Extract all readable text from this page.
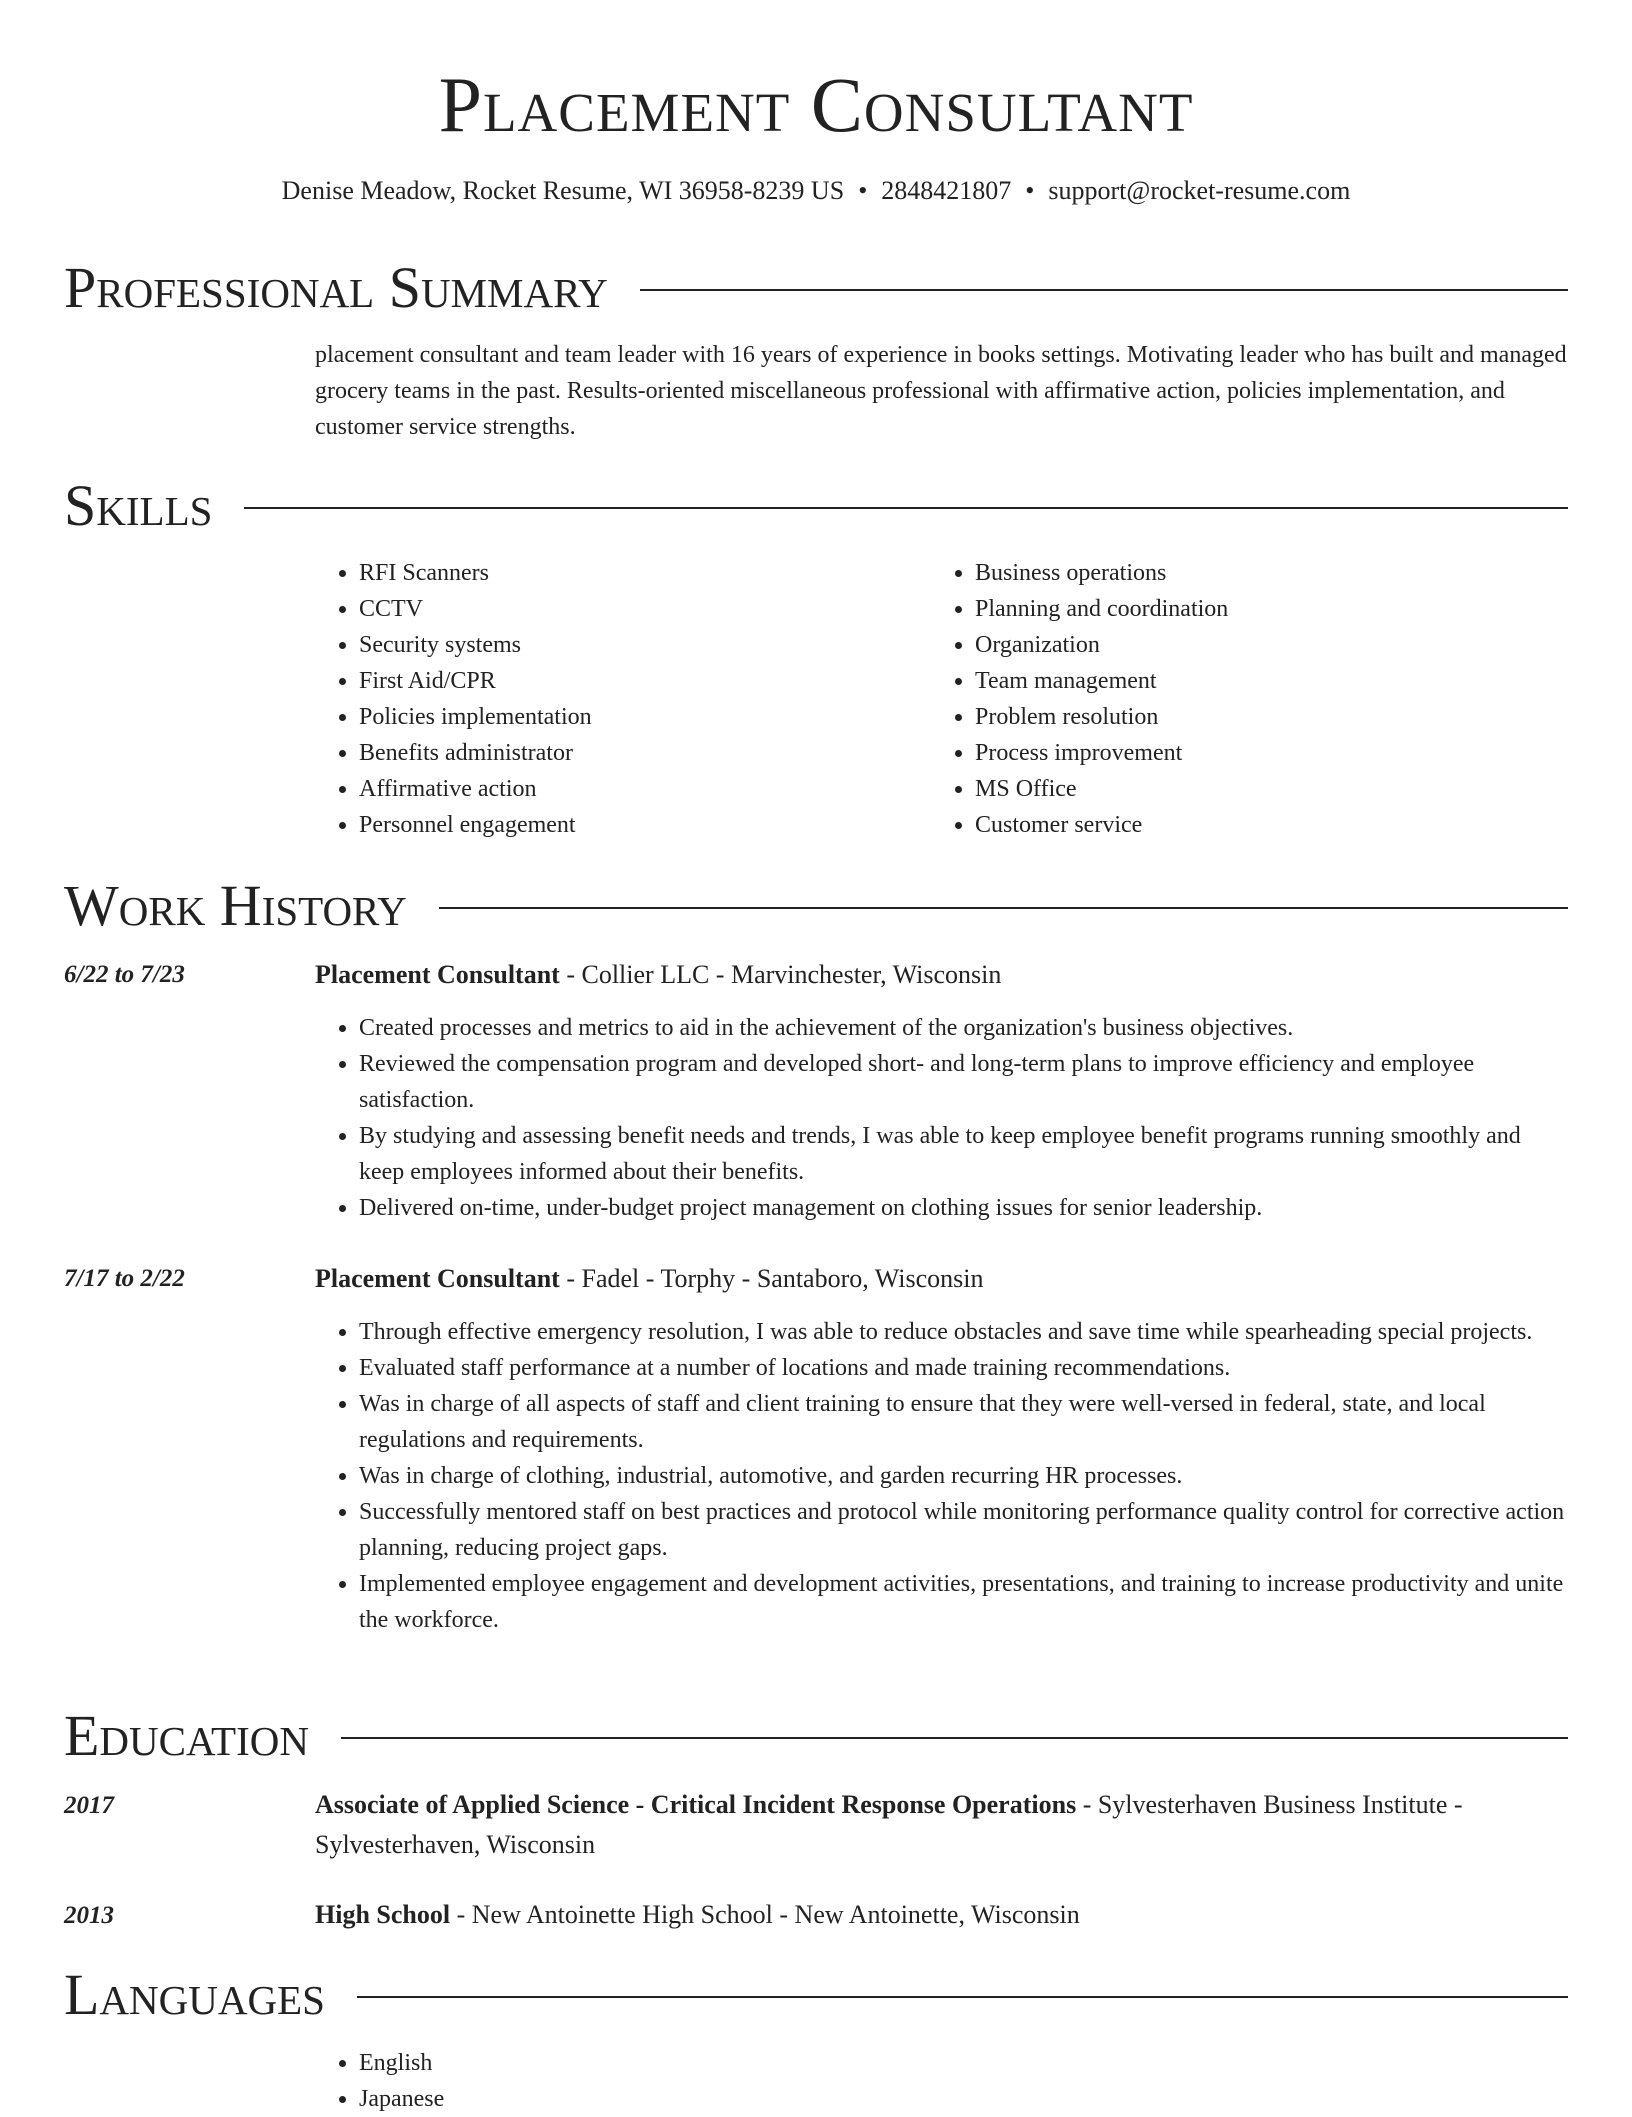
Placement Consultant
Denise Meadow, Rocket Resume, WI 36958-8239 US • 2848421807 • support@rocket-resume.com
Professional Summary

placement consultant and team leader with 16 years of experience in books settings. Motivating leader who has built and managed grocery teams in the past. Results-oriented miscellaneous professional with affirmative action, policies implementation, and customer service strengths.

Skills
• RFI Scanners
• CCTV
• Security systems
• First Aid/CPR
• Policies implementation
• Benefits administrator
• Affirmative action
• Personnel engagement
• Business operations
• Planning and coordination
• Organization
• Team management
• Problem resolution
• Process improvement
• MS Office
• Customer service
Work History
6/22 to 7/23	Placement Consultant - Collier LLC - Marvinchester, Wisconsin
• Created processes and metrics to aid in the achievement of the organization's business objectives.
• Reviewed the compensation program and developed short- and long-term plans to improve efficiency and employee satisfaction.
• By studying and assessing benefit needs and trends, I was able to keep employee benefit programs running smoothly and keep employees informed about their benefits.
• Delivered on-time, under-budget project management on clothing issues for senior leadership.
7/17 to 2/22	Placement Consultant - Fadel - Torphy - Santaboro, Wisconsin
• Through effective emergency resolution, I was able to reduce obstacles and save time while spearheading special projects.
• Evaluated staff performance at a number of locations and made training recommendations.
• Was in charge of all aspects of staff and client training to ensure that they were well-versed in federal, state, and local regulations and requirements.
• Was in charge of clothing, industrial, automotive, and garden recurring HR processes.
• Successfully mentored staff on best practices and protocol while monitoring performance quality control for corrective action planning, reducing project gaps.
• Implemented employee engagement and development activities, presentations, and training to increase productivity and unite the workforce.
Education
2017	Associate of Applied Science - Critical Incident Response Operations - Sylvesterhaven Business Institute - Sylvesterhaven, Wisconsin
2013	High School - New Antoinette High School - New Antoinette, Wisconsin
Languages
• English
• Japanese
